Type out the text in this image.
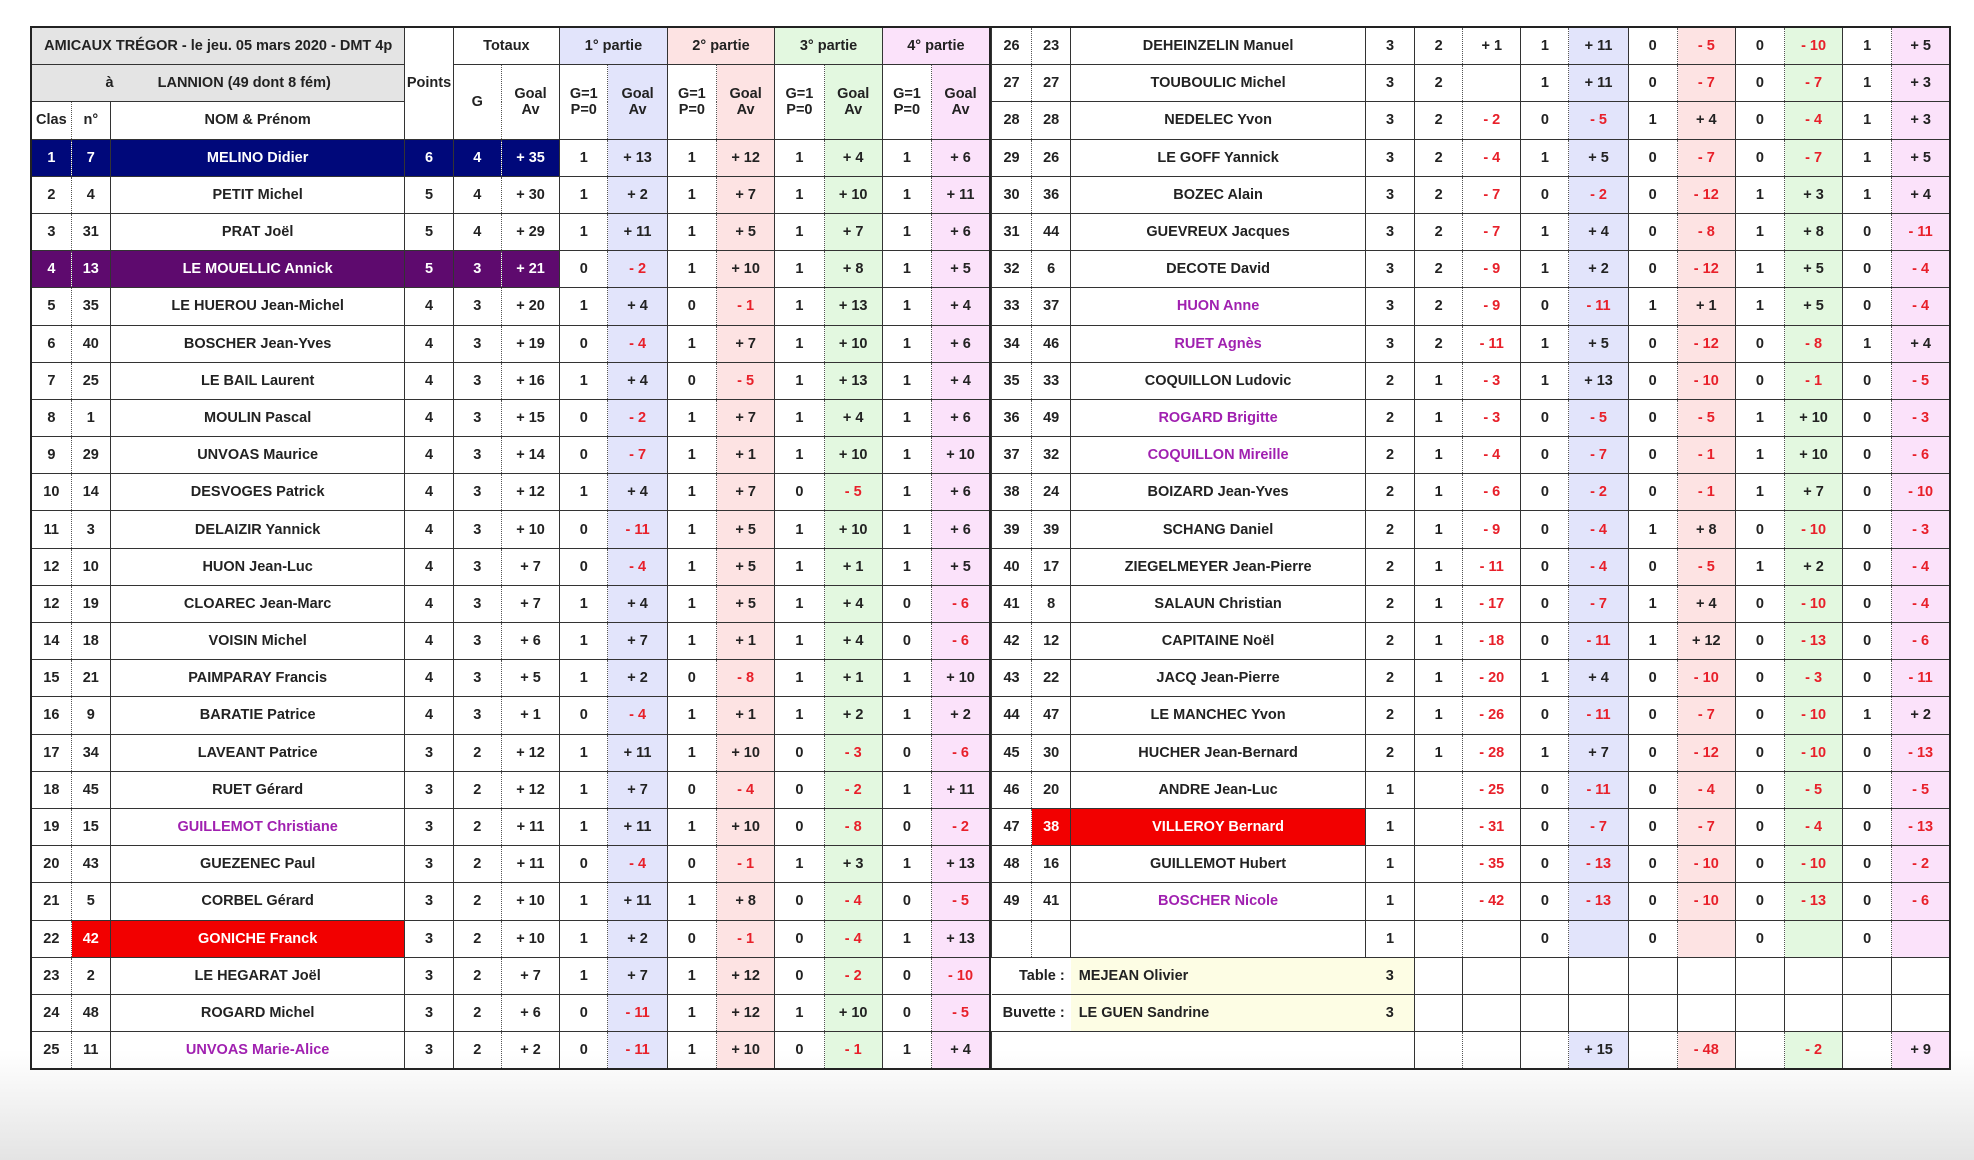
AMICAUX TRÉGOR - le jeu. 05 mars 2020 - DMT 4p			Points	Totaux		1° partie		2° partie		3° partie		4° partie	
à LANNION (49 dont 8 fém)				G	Goal
Av	G=1
P=0	Goal
Av	G=1
P=0	Goal
Av	G=1
P=0	Goal
Av	G=1
P=0	Goal
Av
Clas	n°	NOM & Prénom											
1	7	MELINO Didier	6	4	+ 35	1	+ 13	1	+ 12	1	+ 4	1	+ 6
2	4	PETIT Michel	5	4	+ 30	1	+ 2	1	+ 7	1	+ 10	1	+ 11
3	31	PRAT Joël	5	4	+ 29	1	+ 11	1	+ 5	1	+ 7	1	+ 6
4	13	LE MOUELLIC Annick	5	3	+ 21	0	- 2	1	+ 10	1	+ 8	1	+ 5
5	35	LE HUEROU Jean-Michel	4	3	+ 20	1	+ 4	0	- 1	1	+ 13	1	+ 4
6	40	BOSCHER Jean-Yves	4	3	+ 19	0	- 4	1	+ 7	1	+ 10	1	+ 6
7	25	LE BAIL Laurent	4	3	+ 16	1	+ 4	0	- 5	1	+ 13	1	+ 4
8	1	MOULIN Pascal	4	3	+ 15	0	- 2	1	+ 7	1	+ 4	1	+ 6
9	29	UNVOAS Maurice	4	3	+ 14	0	- 7	1	+ 1	1	+ 10	1	+ 10
10	14	DESVOGES Patrick	4	3	+ 12	1	+ 4	1	+ 7	0	- 5	1	+ 6
11	3	DELAIZIR Yannick	4	3	+ 10	0	- 11	1	+ 5	1	+ 10	1	+ 6
12	10	HUON Jean-Luc	4	3	+ 7	0	- 4	1	+ 5	1	+ 1	1	+ 5
12	19	CLOAREC Jean-Marc	4	3	+ 7	1	+ 4	1	+ 5	1	+ 4	0	- 6
14	18	VOISIN Michel	4	3	+ 6	1	+ 7	1	+ 1	1	+ 4	0	- 6
15	21	PAIMPARAY Francis	4	3	+ 5	1	+ 2	0	- 8	1	+ 1	1	+ 10
16	9	BARATIE Patrice	4	3	+ 1	0	- 4	1	+ 1	1	+ 2	1	+ 2
17	34	LAVEANT Patrice	3	2	+ 12	1	+ 11	1	+ 10	0	- 3	0	- 6
18	45	RUET Gérard	3	2	+ 12	1	+ 7	0	- 4	0	- 2	1	+ 11
19	15	GUILLEMOT Christiane	3	2	+ 11	1	+ 11	1	+ 10	0	- 8	0	- 2
20	43	GUEZENEC Paul	3	2	+ 11	0	- 4	0	- 1	1	+ 3	1	+ 13
21	5	CORBEL Gérard	3	2	+ 10	1	+ 11	1	+ 8	0	- 4	0	- 5
22	42	GONICHE Franck	3	2	+ 10	1	+ 2	0	- 1	0	- 4	1	+ 13
23	2	LE HEGARAT Joël	3	2	+ 7	1	+ 7	1	+ 12	0	- 2	0	- 10
24	48	ROGARD Michel	3	2	+ 6	0	- 11	1	+ 12	1	+ 10	0	- 5
25	11	UNVOAS Marie-Alice	3	2	+ 2	0	- 11	1	+ 10	0	- 1	1	+ 4
26	23	DEHEINZELIN Manuel	3	2	+ 1	1	+ 11	0	- 5	0	- 10	1	+ 5
27	27	TOUBOULIC Michel	3	2		1	+ 11	0	- 7	0	- 7	1	+ 3
28	28	NEDELEC Yvon	3	2	- 2	0	- 5	1	+ 4	0	- 4	1	+ 3
29	26	LE GOFF Yannick	3	2	- 4	1	+ 5	0	- 7	0	- 7	1	+ 5
30	36	BOZEC Alain	3	2	- 7	0	- 2	0	- 12	1	+ 3	1	+ 4
31	44	GUEVREUX Jacques	3	2	- 7	1	+ 4	0	- 8	1	+ 8	0	- 11
32	6	DECOTE David	3	2	- 9	1	+ 2	0	- 12	1	+ 5	0	- 4
33	37	HUON Anne	3	2	- 9	0	- 11	1	+ 1	1	+ 5	0	- 4
34	46	RUET Agnès	3	2	- 11	1	+ 5	0	- 12	0	- 8	1	+ 4
35	33	COQUILLON Ludovic	2	1	- 3	1	+ 13	0	- 10	0	- 1	0	- 5
36	49	ROGARD Brigitte	2	1	- 3	0	- 5	0	- 5	1	+ 10	0	- 3
37	32	COQUILLON Mireille	2	1	- 4	0	- 7	0	- 1	1	+ 10	0	- 6
38	24	BOIZARD Jean-Yves	2	1	- 6	0	- 2	0	- 1	1	+ 7	0	- 10
39	39	SCHANG Daniel	2	1	- 9	0	- 4	1	+ 8	0	- 10	0	- 3
40	17	ZIEGELMEYER Jean-Pierre	2	1	- 11	0	- 4	0	- 5	1	+ 2	0	- 4
41	8	SALAUN Christian	2	1	- 17	0	- 7	1	+ 4	0	- 10	0	- 4
42	12	CAPITAINE Noël	2	1	- 18	0	- 11	1	+ 12	0	- 13	0	- 6
43	22	JACQ Jean-Pierre	2	1	- 20	1	+ 4	0	- 10	0	- 3	0	- 11
44	47	LE MANCHEC Yvon	2	1	- 26	0	- 11	0	- 7	0	- 10	1	+ 2
45	30	HUCHER Jean-Bernard	2	1	- 28	1	+ 7	0	- 12	0	- 10	0	- 13
46	20	ANDRE Jean-Luc	1		- 25	0	- 11	0	- 4	0	- 5	0	- 5
47	38	VILLEROY Bernard	1		- 31	0	- 7	0	- 7	0	- 4	0	- 13
48	16	GUILLEMOT Hubert	1		- 35	0	- 13	0	- 10	0	- 10	0	- 2
49	41	BOSCHER Nicole	1		- 42	0	- 13	0	- 10	0	- 13	0	- 6
			1			0		0		0		0	
Table :		MEJEAN Olivier	3										
Buvette :		LE GUEN Sandrine	3										
							+ 15		- 48		- 2		+ 9
